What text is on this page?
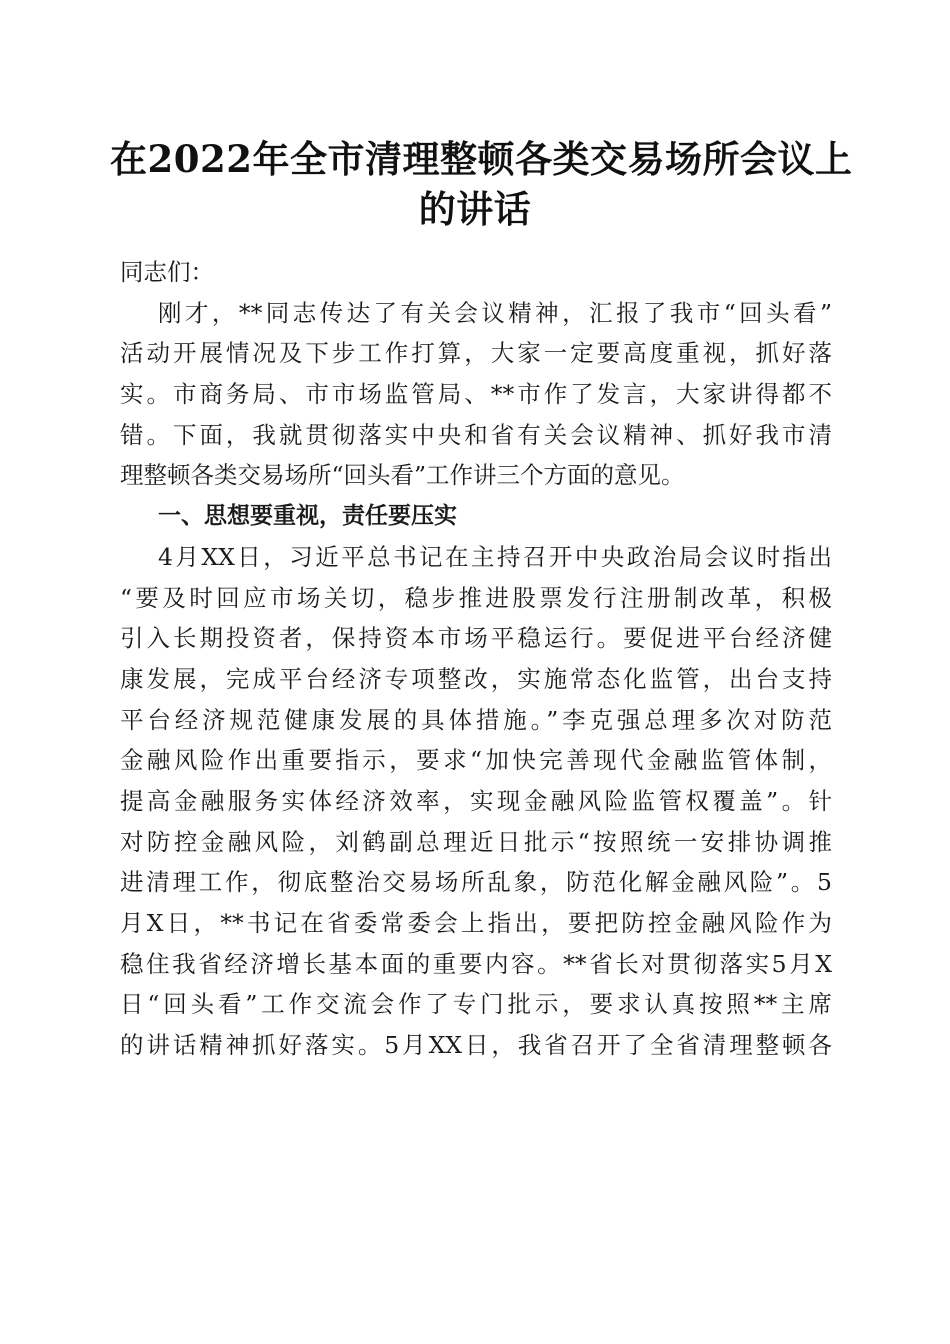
在2022年全市清理整顿各类交易场所会议上
的讲话
同志们：
刚才，**同志传达了有关会议精神，汇报了我市“回头看”
活动开展情况及下步工作打算，大家一定要高度重视，抓好落
实。市商务局、市市场监管局、**市作了发言，大家讲得都不
错。下面，我就贯彻落实中央和省有关会议精神、抓好我市清
理整顿各类交易场所“回头看”工作讲三个方面的意见。
一、思想要重视，责任要压实
4月XX日，习近平总书记在主持召开中央政治局会议时指出
“要及时回应市场关切，稳步推进股票发行注册制改革，积极
引入长期投资者，保持资本市场平稳运行。要促进平台经济健
康发展，完成平台经济专项整改，实施常态化监管，出台支持
平台经济规范健康发展的具体措施。”李克强总理多次对防范
金融风险作出重要指示，要求“加快完善现代金融监管体制，
提高金融服务实体经济效率，实现金融风险监管权覆盖”。针
对防控金融风险，刘鹤副总理近日批示“按照统一安排协调推
进清理工作，彻底整治交易场所乱象，防范化解金融风险”。5
月X日，**书记在省委常委会上指出，要把防控金融风险作为
稳住我省经济增长基本面的重要内容。**省长对贯彻落实5月X
日“回头看”工作交流会作了专门批示，要求认真按照**主席
的讲话精神抓好落实。5月XX日，我省召开了全省清理整顿各
